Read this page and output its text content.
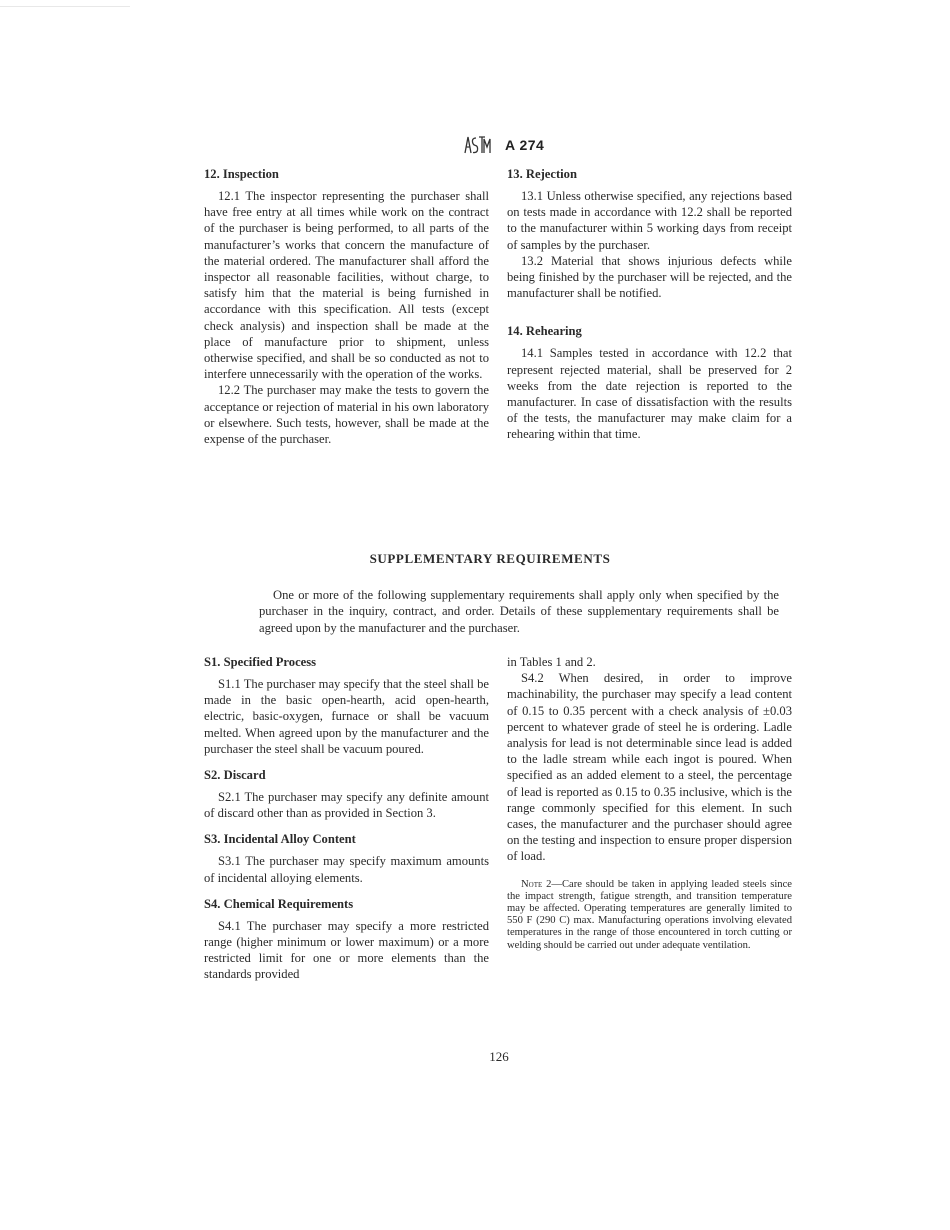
A 274
12. Inspection

12.1 The inspector representing the purchaser shall have free entry at all times while work on the contract of the purchaser is being performed, to all parts of the manufacturer’s works that concern the manufacture of the material ordered. The manufacturer shall afford the inspector all reasonable facilities, without charge, to satisfy him that the material is being furnished in accordance with this specification. All tests (except check analysis) and inspection shall be made at the place of manufacture prior to shipment, unless otherwise specified, and shall be so conducted as not to interfere unnecessarily with the operation of the works.

12.2 The purchaser may make the tests to govern the acceptance or rejection of material in his own laboratory or elsewhere. Such tests, however, shall be made at the expense of the purchaser.

13. Rejection

13.1 Unless otherwise specified, any rejections based on tests made in accordance with 12.2 shall be reported to the manufacturer within 5 working days from receipt of samples by the purchaser.

13.2 Material that shows injurious defects while being finished by the purchaser will be rejected, and the manufacturer shall be notified.

14. Rehearing

14.1 Samples tested in accordance with 12.2 that represent rejected material, shall be preserved for 2 weeks from the date rejection is reported to the manufacturer. In case of dissatisfaction with the results of the tests, the manufacturer may make claim for a rehearing within that time.

SUPPLEMENTARY REQUIREMENTS

One or more of the following supplementary requirements shall apply only when specified by the purchaser in the inquiry, contract, and order. Details of these supplementary requirements shall be agreed upon by the manufacturer and the purchaser.

S1. Specified Process

S1.1 The purchaser may specify that the steel shall be made in the basic open-hearth, acid open-hearth, electric, basic-oxygen, furnace or shall be vacuum melted. When agreed upon by the manufacturer and the purchaser the steel shall be vacuum poured.

S2. Discard

S2.1 The purchaser may specify any definite amount of discard other than as provided in Section 3.

S3. Incidental Alloy Content

S3.1 The purchaser may specify maximum amounts of incidental alloying elements.

S4. Chemical Requirements

S4.1 The purchaser may specify a more restricted range (higher minimum or lower maximum) or a more restricted limit for one or more elements than the standards provided

in Tables 1 and 2.

S4.2 When desired, in order to improve machinability, the purchaser may specify a lead content of 0.15 to 0.35 percent with a check analysis of ±0.03 percent to whatever grade of steel he is ordering. Ladle analysis for lead is not determinable since lead is added to the ladle stream while each ingot is poured. When specified as an added element to a steel, the percentage of lead is reported as 0.15 to 0.35 inclusive, which is the range commonly specified for this element. In such cases, the manufacturer and the purchaser should agree on the testing and inspection to ensure proper dispersion of load.

Note 2—Care should be taken in applying leaded steels since the impact strength, fatigue strength, and transition temperature may be affected. Operating temperatures are generally limited to 550 F (290 C) max. Manufacturing operations involving elevated temperatures in the range of those encountered in torch cutting or welding should be carried out under adequate ventilation.

126
